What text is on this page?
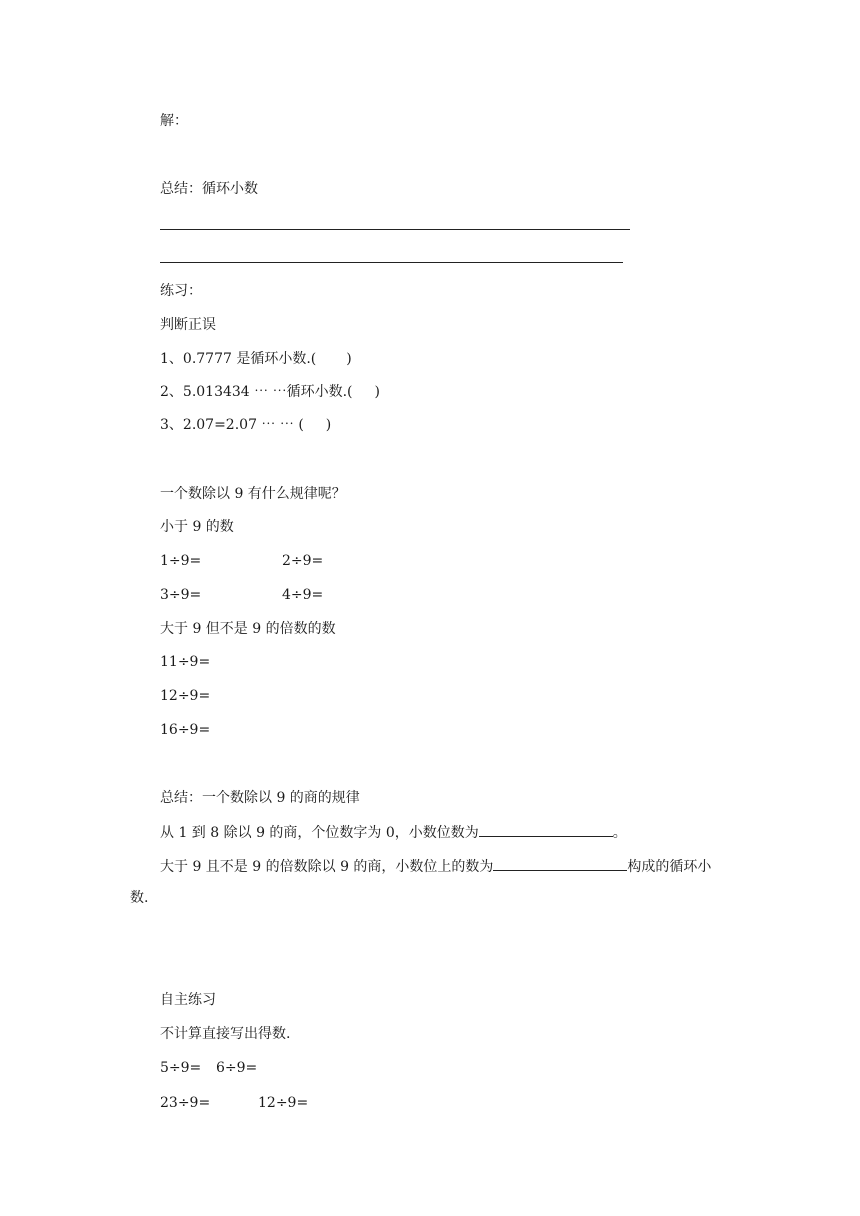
解：
总结：循环小数
练习：
判断正误
1、0.7777 是循环小数.( )
2、5.013434 ⋯ ⋯循环小数.( )
3、2.07=2.07 ⋯ ⋯ ( )
一个数除以 9 有什么规律呢？
小于 9 的数
1÷9=	2÷9=
3÷9=	4÷9=
大于 9 但不是 9 的倍数的数
11÷9=
12÷9=
16÷9=
总结：一个数除以 9 的商的规律
从 1 到 8 除以 9 的商，个位数字为 0，小数位数为	。
大于 9 且不是 9 的倍数除以 9 的商，小数位上的数为	构成的循环小
数.
自主练习
不计算直接写出得数.
5÷9= 6÷9=
23÷9=	12÷9=
